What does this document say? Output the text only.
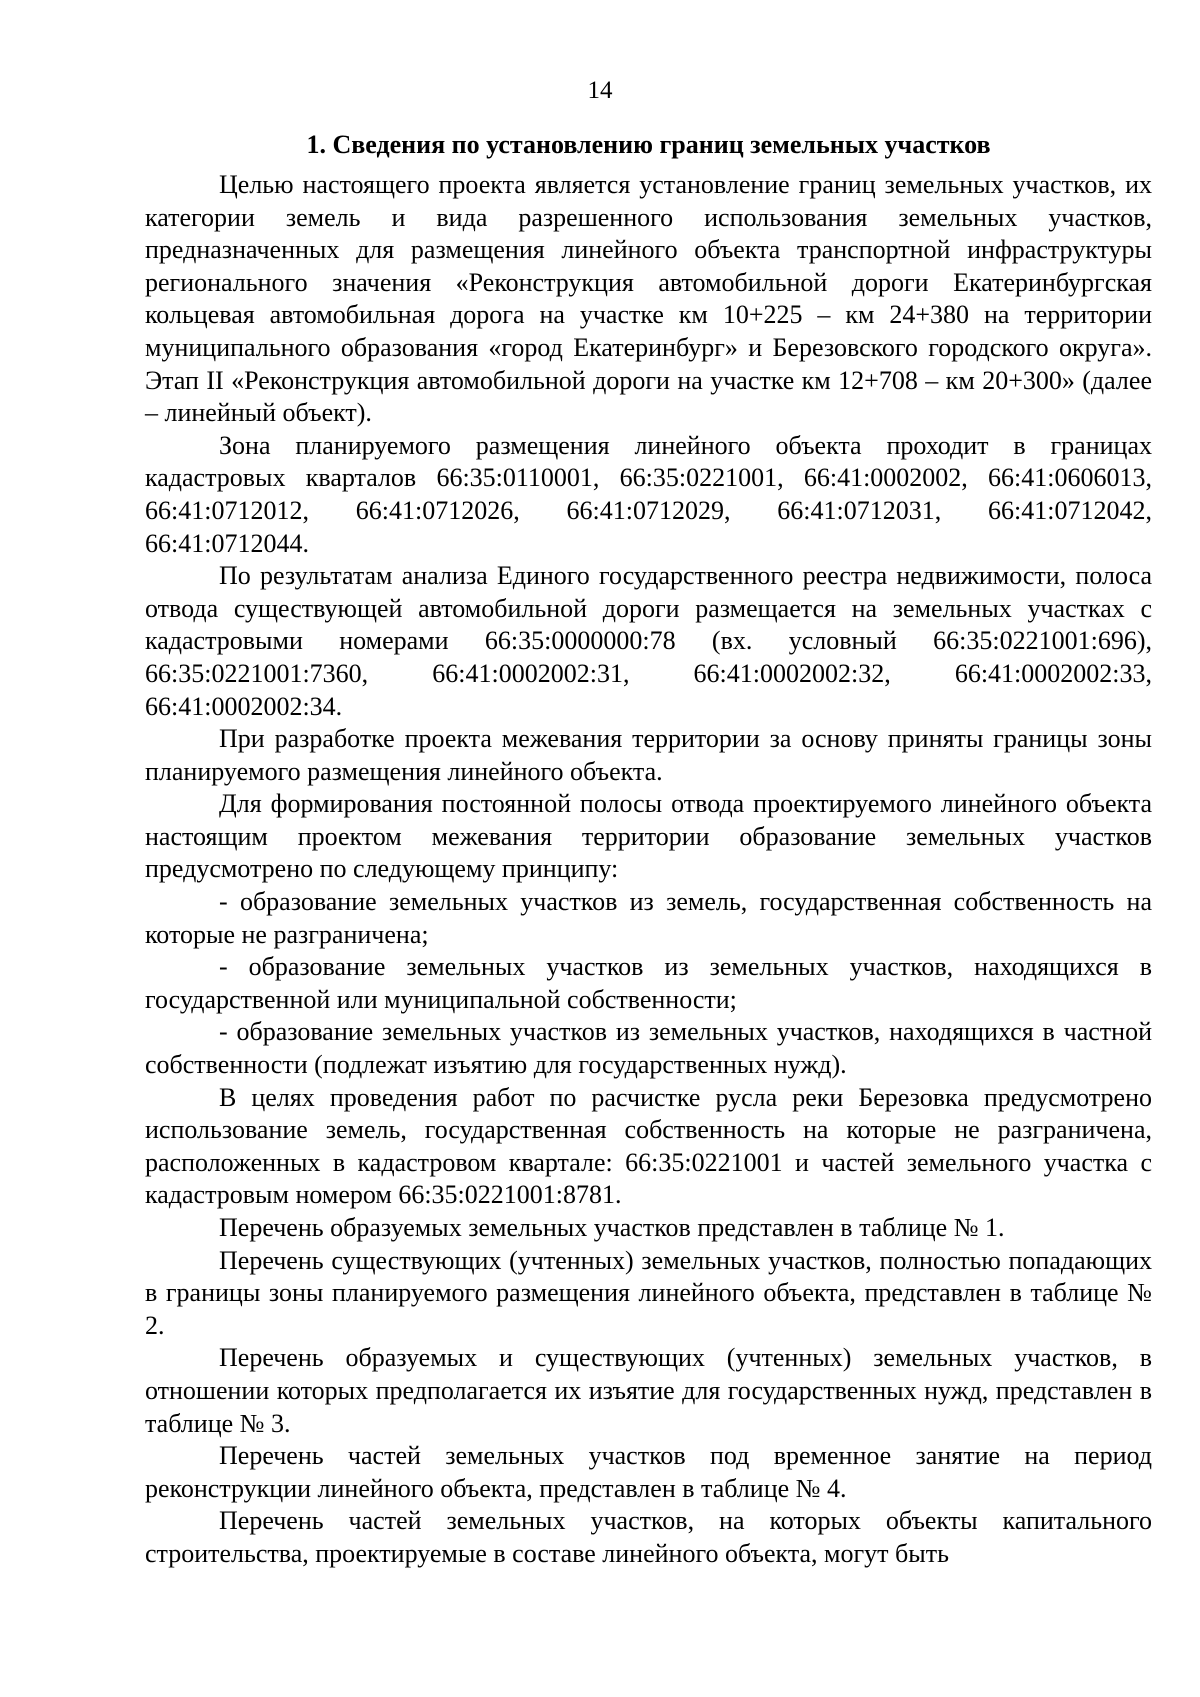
14
1. Сведения по установлению границ земельных участков

Целью настоящего проекта является установление границ земельных участков, их категории земель и вида разрешенного использования земельных участков, предназначенных для размещения линейного объекта транспортной инфраструктуры регионального значения «Реконструкция автомобильной дороги Екатеринбургская кольцевая автомобильная дорога на участке км 10+225 – км 24+380 на территории муниципального образования «город Екатеринбург» и Березовского городского округа». Этап II «Реконструкция автомобильной дороги на участке км 12+708 – км 20+300» (далее – линейный объект).

Зона планируемого размещения линейного объекта проходит в границах кадастровых кварталов 66:35:0110001, 66:35:0221001, 66:41:0002002, 66:41:0606013, 66:41:0712012, 66:41:0712026, 66:41:0712029, 66:41:0712031, 66:41:0712042, 66:41:0712044.

По результатам анализа Единого государственного реестра недвижимости, полоса отвода существующей автомобильной дороги размещается на земельных участках с кадастровыми номерами 66:35:0000000:78 (вх. условный 66:35:0221001:696), 66:35:0221001:7360, 66:41:0002002:31, 66:41:0002002:32, 66:41:0002002:33, 66:41:0002002:34.

При разработке проекта межевания территории за основу приняты границы зоны планируемого размещения линейного объекта.

Для формирования постоянной полосы отвода проектируемого линейного объекта настоящим проектом межевания территории образование земельных участков предусмотрено по следующему принципу:

- образование земельных участков из земель, государственная собственность на которые не разграничена;

- образование земельных участков из земельных участков, находящихся в государственной или муниципальной собственности;

- образование земельных участков из земельных участков, находящихся в частной собственности (подлежат изъятию для государственных нужд).

В целях проведения работ по расчистке русла реки Березовка предусмотрено использование земель, государственная собственность на которые не разграничена, расположенных в кадастровом квартале: 66:35:0221001 и частей земельного участка с кадастровым номером 66:35:0221001:8781.

Перечень образуемых земельных участков представлен в таблице № 1.

Перечень существующих (учтенных) земельных участков, полностью попадающих в границы зоны планируемого размещения линейного объекта, представлен в таблице № 2.

Перечень образуемых и существующих (учтенных) земельных участков, в отношении которых предполагается их изъятие для государственных нужд, представлен в таблице № 3.

Перечень частей земельных участков под временное занятие на период реконструкции линейного объекта, представлен в таблице № 4.

Перечень частей земельных участков, на которых объекты капитального строительства, проектируемые в составе линейного объекта, могут быть
